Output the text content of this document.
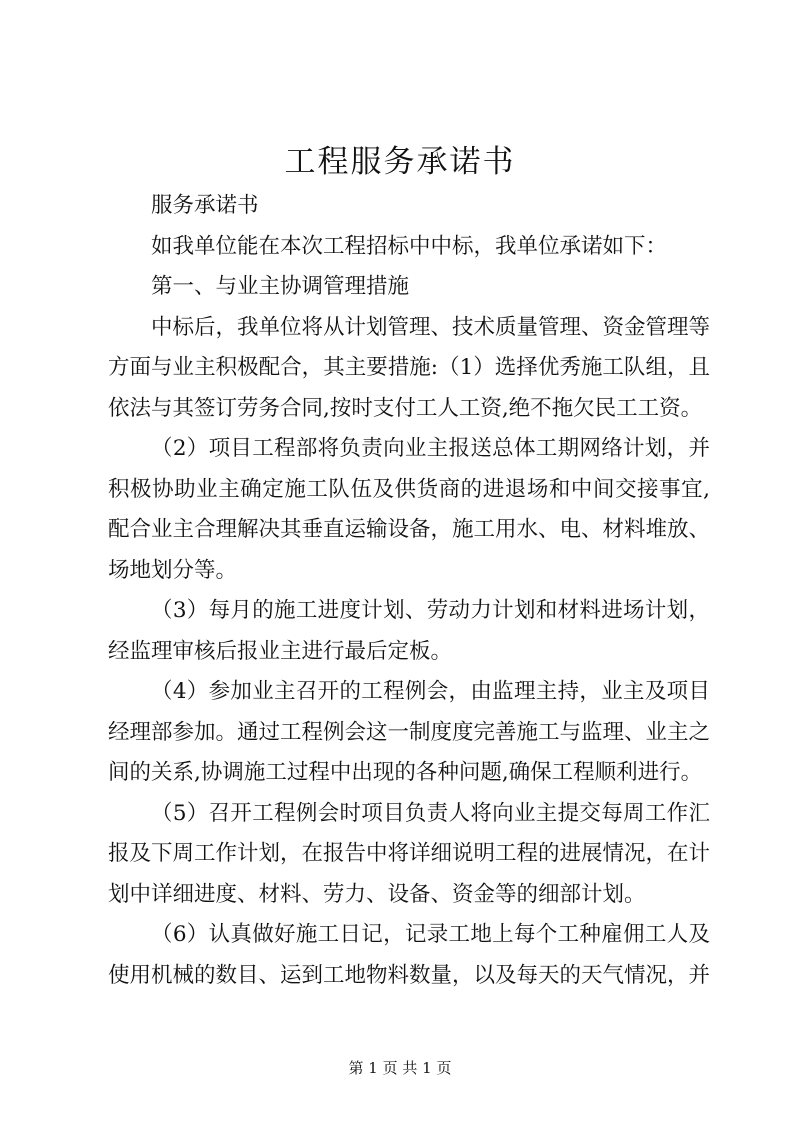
工程服务承诺书

服务承诺书

如我单位能在本次工程招标中中标，我单位承诺如下：

第一、与业主协调管理措施

中标后，我单位将从计划管理、技术质量管理、资金管理等方面与业主积极配合，其主要措施:（1）选择优秀施工队组，且依法与其签订劳务合同,按时支付工人工资,绝不拖欠民工工资。

（2）项目工程部将负责向业主报送总体工期网络计划，并积极协助业主确定施工队伍及供货商的进退场和中间交接事宜,配合业主合理解决其垂直运输设备，施工用水、电、材料堆放、场地划分等。

（3）每月的施工进度计划、劳动力计划和材料进场计划，经监理审核后报业主进行最后定板。

（4）参加业主召开的工程例会，由监理主持，业主及项目经理部参加。通过工程例会这一制度度完善施工与监理、业主之间的关系,协调施工过程中出现的各种问题,确保工程顺利进行。

（5）召开工程例会时项目负责人将向业主提交每周工作汇报及下周工作计划，在报告中将详细说明工程的进展情况，在计划中详细进度、材料、劳力、设备、资金等的细部计划。

（6）认真做好施工日记，记录工地上每个工种雇佣工人及使用机械的数目、运到工地物料数量，以及每天的天气情况，并

第 1 页 共 1 页
